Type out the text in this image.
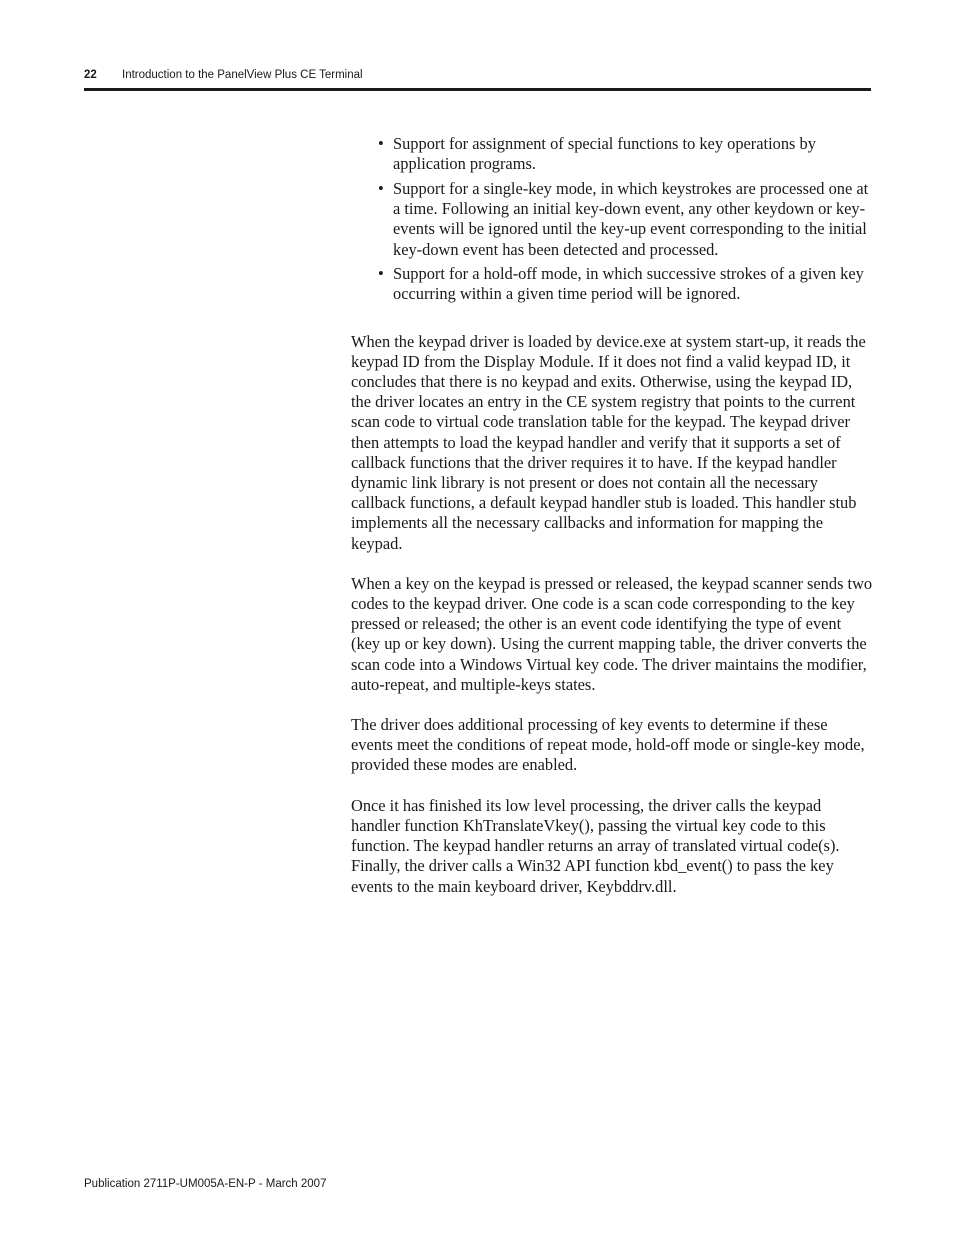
22 Introduction to the PanelView Plus CE Terminal
• Support for assignment of special functions to key operations by application programs.
• Support for a single-key mode, in which keystrokes are processed one at a time. Following an initial key-down event, any other keydown or key-events will be ignored until the key-up event corresponding to the initial key-down event has been detected and processed.
• Support for a hold-off mode, in which successive strokes of a given key occurring within a given time period will be ignored.

When the keypad driver is loaded by device.exe at system start-up, it reads the keypad ID from the Display Module. If it does not find a valid keypad ID, it concludes that there is no keypad and exits. Otherwise, using the keypad ID, the driver locates an entry in the CE system registry that points to the current scan code to virtual code translation table for the keypad. The keypad driver then attempts to load the keypad handler and verify that it supports a set of callback functions that the driver requires it to have. If the keypad handler dynamic link library is not present or does not contain all the necessary callback functions, a default keypad handler stub is loaded. This handler stub implements all the necessary callbacks and information for mapping the keypad.

When a key on the keypad is pressed or released, the keypad scanner sends two codes to the keypad driver. One code is a scan code corresponding to the key pressed or released; the other is an event code identifying the type of event (key up or key down). Using the current mapping table, the driver converts the scan code into a Windows Virtual key code. The driver maintains the modifier, auto-repeat, and multiple-keys states.

The driver does additional processing of key events to determine if these events meet the conditions of repeat mode, hold-off mode or single-key mode, provided these modes are enabled.

Once it has finished its low level processing, the driver calls the keypad handler function KhTranslateVkey(), passing the virtual key code to this function. The keypad handler returns an array of translated virtual code(s). Finally, the driver calls a Win32 API function kbd_event() to pass the key events to the main keyboard driver, Keybddrv.dll.

Publication 2711P-UM005A-EN-P - March 2007
